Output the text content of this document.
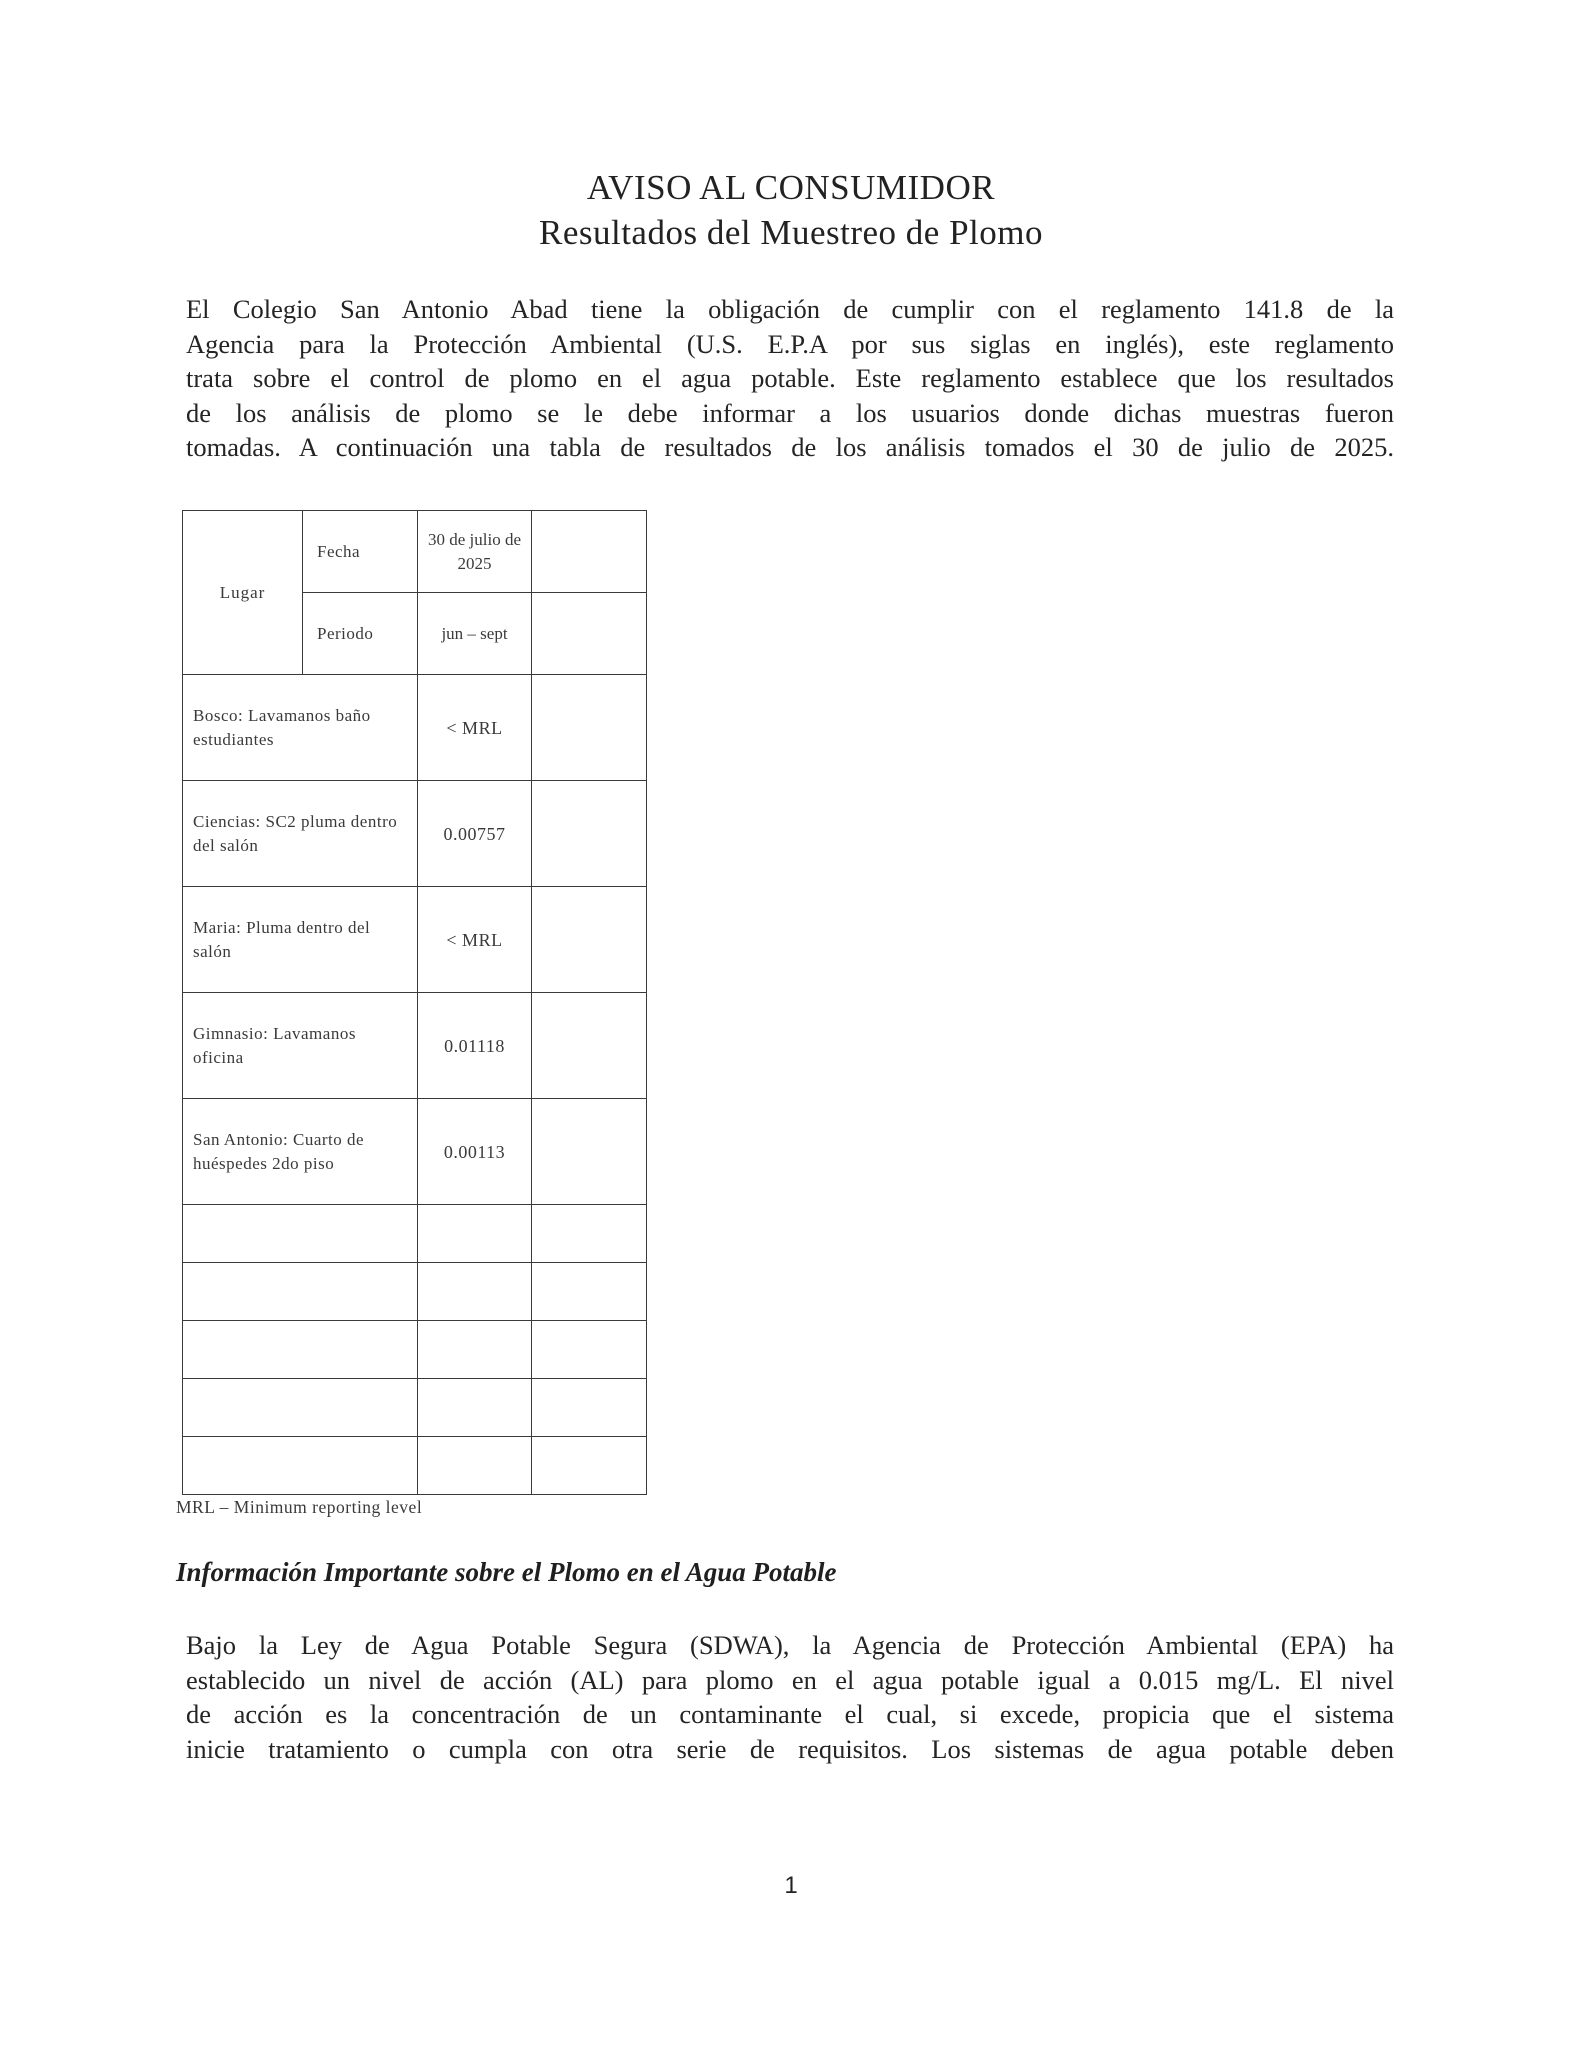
AVISO AL CONSUMIDOR
Resultados del Muestreo de Plomo
El Colegio San Antonio Abad tiene la obligación de cumplir con el reglamento 141.8 de la
Agencia para la Protección Ambiental (U.S. E.P.A por sus siglas en inglés), este reglamento
trata sobre el control de plomo en el agua potable. Este reglamento establece que los resultados
de los análisis de plomo se le debe informar a los usuarios donde dichas muestras fueron
tomadas. A continuación una tabla de resultados de los análisis tomados el 30 de julio de 2025.
Lugar	Fecha	30 de julio de 2025	
	Periodo	jun – sept	
Bosco: Lavamanos baño estudiantes		< MRL	
Ciencias: SC2 pluma dentro del salón		0.00757	
Maria: Pluma dentro del salón		< MRL	
Gimnasio: Lavamanos oficina		0.01118	
San Antonio: Cuarto de huéspedes 2do piso		0.00113	

MRL – Minimum reporting level
Información Importante sobre el Plomo en el Agua Potable
Bajo la Ley de Agua Potable Segura (SDWA), la Agencia de Protección Ambiental (EPA) ha
establecido un nivel de acción (AL) para plomo en el agua potable igual a 0.015 mg/L. El nivel
de acción es la concentración de un contaminante el cual, si excede, propicia que el sistema
inicie tratamiento o cumpla con otra serie de requisitos. Los sistemas de agua potable deben
1
